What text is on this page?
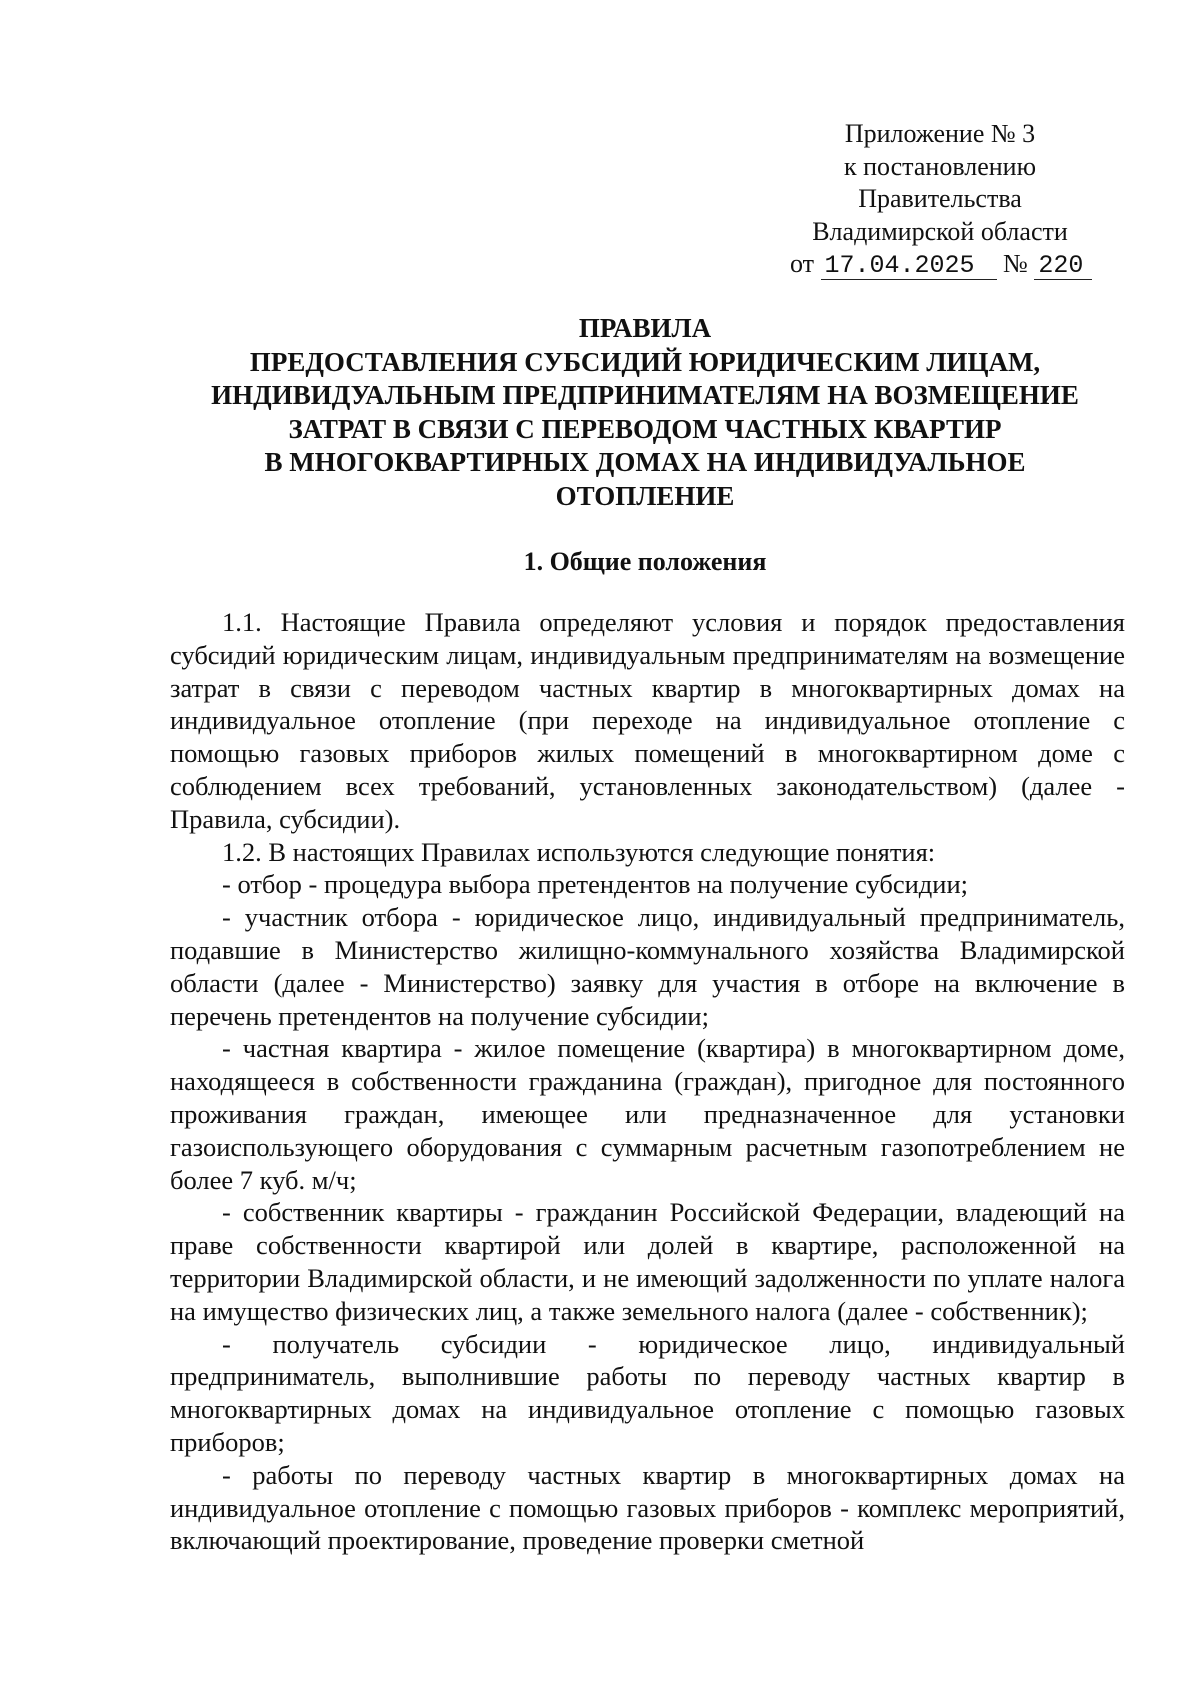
Приложение № 3
к постановлению
Правительства
Владимирской области
от 17.04.2025 № 220
ПРАВИЛА
ПРЕДОСТАВЛЕНИЯ СУБСИДИЙ ЮРИДИЧЕСКИМ ЛИЦАМ,
ИНДИВИДУАЛЬНЫМ ПРЕДПРИНИМАТЕЛЯМ НА ВОЗМЕЩЕНИЕ
ЗАТРАТ В СВЯЗИ С ПЕРЕВОДОМ ЧАСТНЫХ КВАРТИР
В МНОГОКВАРТИРНЫХ ДОМАХ НА ИНДИВИДУАЛЬНОЕ
ОТОПЛЕНИЕ
1. Общие положения

1.1. Настоящие Правила определяют условия и порядок предоставления субсидий юридическим лицам, индивидуальным предпринимателям на возмещение затрат в связи с переводом частных квартир в многоквартирных домах на индивидуальное отопление (при переходе на индивидуальное отопление с помощью газовых приборов жилых помещений в многоквартирном доме с соблюдением всех требований, установленных законодательством) (далее - Правила, субсидии).

1.2. В настоящих Правилах используются следующие понятия:

- отбор - процедура выбора претендентов на получение субсидии;

- участник отбора - юридическое лицо, индивидуальный предприниматель, подавшие в Министерство жилищно-коммунального хозяйства Владимирской области (далее - Министерство) заявку для участия в отборе на включение в перечень претендентов на получение субсидии;

- частная квартира - жилое помещение (квартира) в многоквартирном доме, находящееся в собственности гражданина (граждан), пригодное для постоянного проживания граждан, имеющее или предназначенное для установки газоиспользующего оборудования с суммарным расчетным газопотреблением не более 7 куб. м/ч;

- собственник квартиры - гражданин Российской Федерации, владеющий на праве собственности квартирой или долей в квартире, расположенной на территории Владимирской области, и не имеющий задолженности по уплате налога на имущество физических лиц, а также земельного налога (далее - собственник);

- получатель субсидии - юридическое лицо, индивидуальный предприниматель, выполнившие работы по переводу частных квартир в многоквартирных домах на индивидуальное отопление с помощью газовых приборов;

- работы по переводу частных квартир в многоквартирных домах на индивидуальное отопление с помощью газовых приборов - комплекс мероприятий, включающий проектирование, проведение проверки сметной
